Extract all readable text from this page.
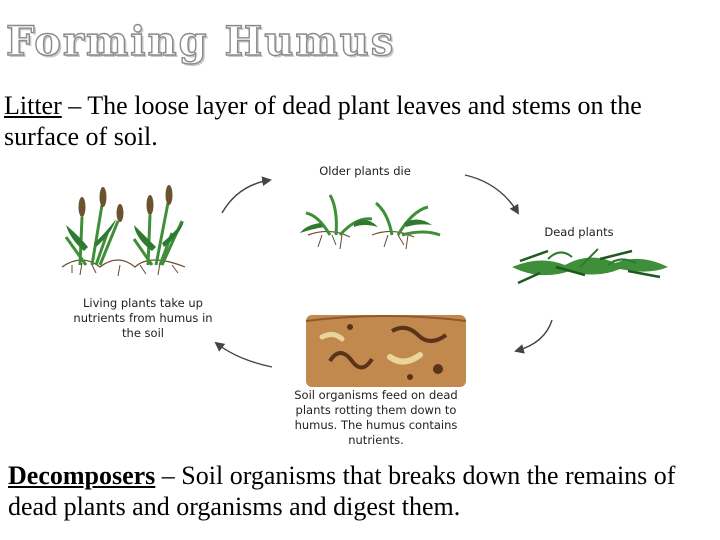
Forming Humus

Litter – The loose layer of dead plant leaves and stems on the surface of soil.

Older plants die

Dead plants

Living plants take up nutrients from humus in the soil

Soil organisms feed on dead plants rotting them down to humus. The humus contains nutrients.

Decomposers – Soil organisms that breaks down the remains of dead plants and organisms and digest them.
